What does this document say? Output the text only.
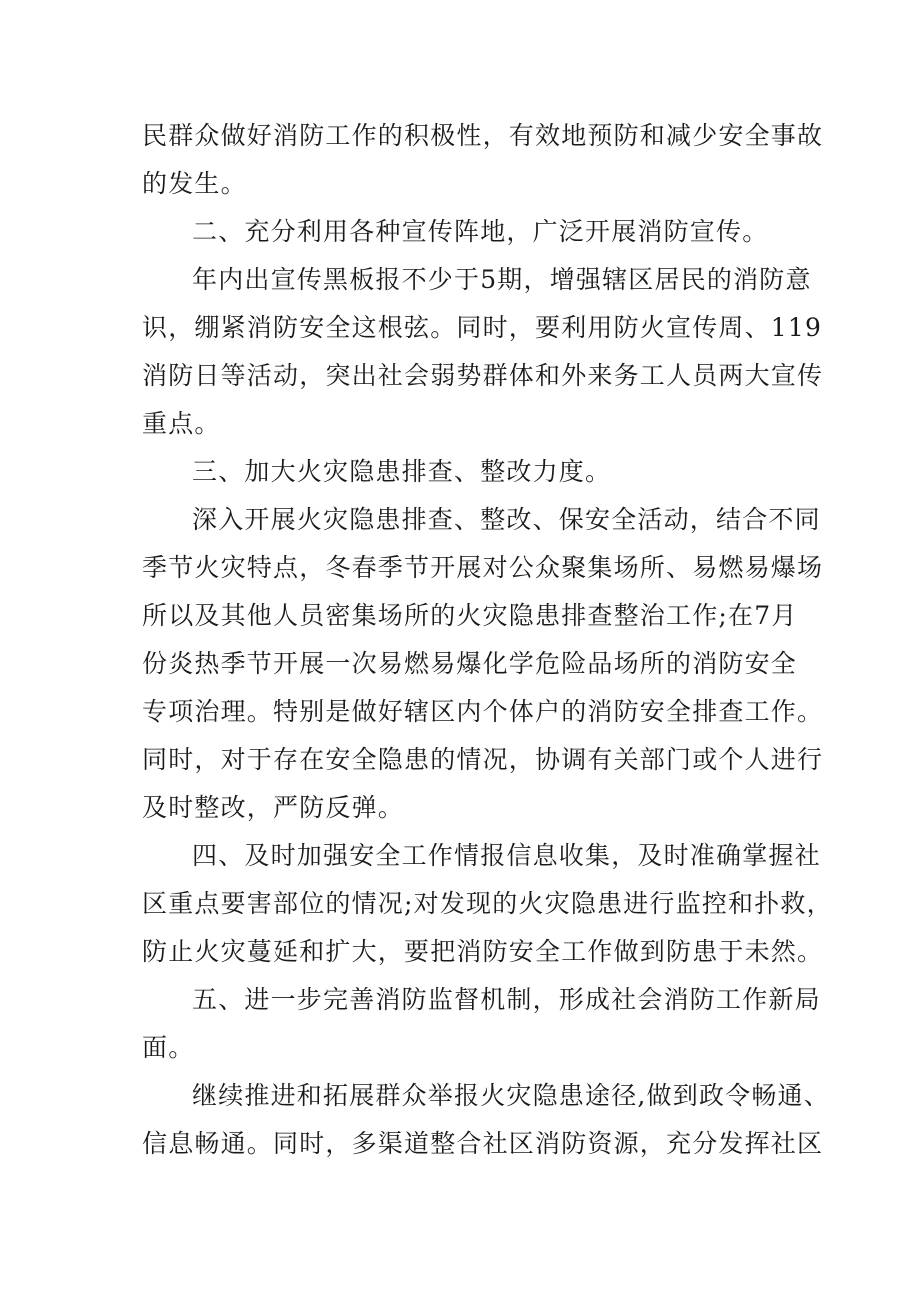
民群众做好消防工作的积极性，有效地预防和减少安全事故
的发生。
二、充分利用各种宣传阵地，广泛开展消防宣传。
年内出宣传黑板报不少于5期，增强辖区居民的消防意
识，绷紧消防安全这根弦。同时，要利用防火宣传周、119
消防日等活动，突出社会弱势群体和外来务工人员两大宣传
重点。
三、加大火灾隐患排查、整改力度。
深入开展火灾隐患排查、整改、保安全活动，结合不同
季节火灾特点，冬春季节开展对公众聚集场所、易燃易爆场
所以及其他人员密集场所的火灾隐患排查整治工作;在7月
份炎热季节开展一次易燃易爆化学危险品场所的消防安全
专项治理。特别是做好辖区内个体户的消防安全排查工作。
同时，对于存在安全隐患的情况，协调有关部门或个人进行
及时整改，严防反弹。
四、及时加强安全工作情报信息收集，及时准确掌握社
区重点要害部位的情况;对发现的火灾隐患进行监控和扑救，
防止火灾蔓延和扩大，要把消防安全工作做到防患于未然。
五、进一步完善消防监督机制，形成社会消防工作新局
面。
继续推进和拓展群众举报火灾隐患途径,做到政令畅通、
信息畅通。同时，多渠道整合社区消防资源，充分发挥社区
